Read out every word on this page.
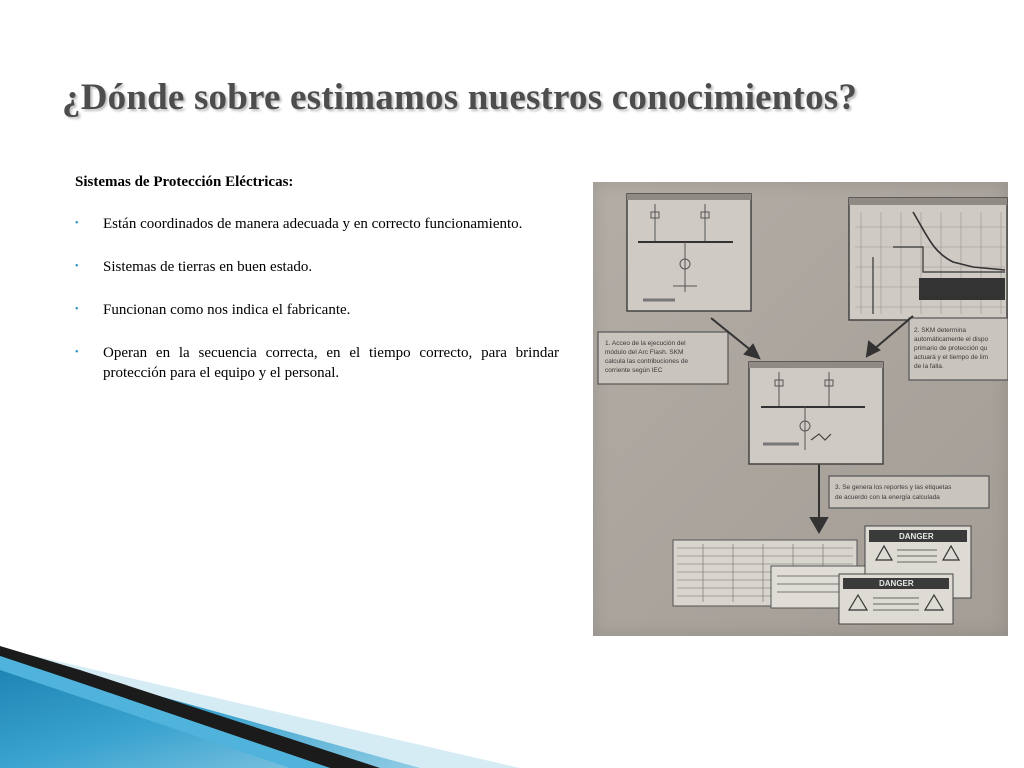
¿Dónde sobre estimamos nuestros conocimientos?

Sistemas de Protección Eléctricas:

• Están coordinados de manera adecuada y en correcto funcionamiento.
• Sistemas de tierras en buen estado.
• Funcionan como nos indica el fabricante.
• Operan en la secuencia correcta, en el tiempo correcto, para brindar protección para el equipo y el personal.
1. Acceo de la ejecución del
módulo del Arc Flash. SKM
calcula las contribuciones de
corriente según IEC
2. SKM determina
automáticamente el dispo
primario de protección qu
actuará y el tiempo de lim
de la falla.
3. Se genera los reportes y las etiquetas
de acuerdo con la energía calculada
DANGER
DANGER
